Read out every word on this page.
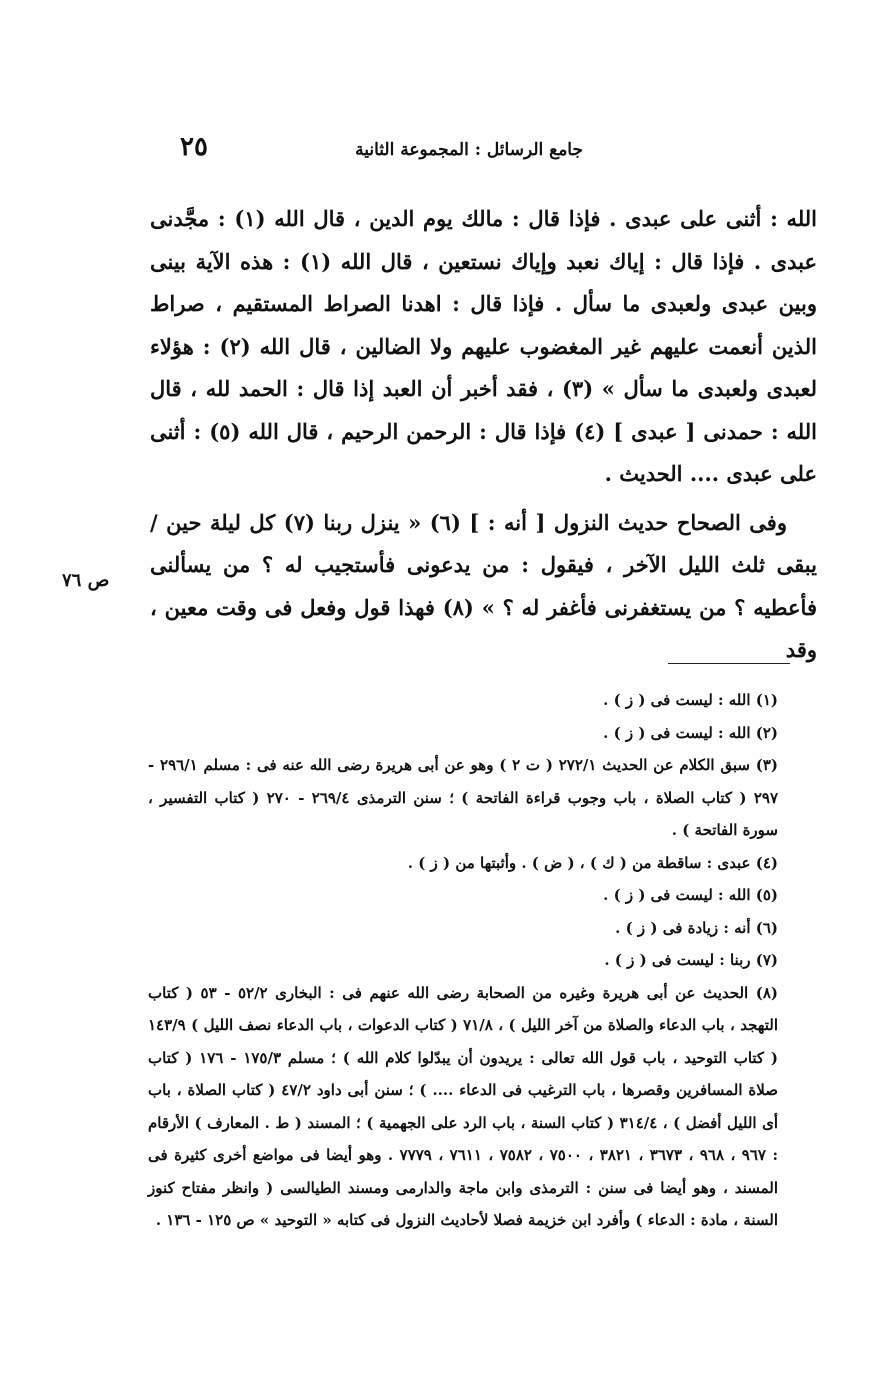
٢٥	جامع الرسائل : المجموعة الثانية

الله : أثنى على عبدى . فإذا قال : مالك يوم الدين ، قال الله (١) : مجَّدنى عبدى . فإذا قال : إياك نعبد وإياك نستعين ، قال الله (١) : هذه الآية بينى وبين عبدى ولعبدى ما سأل . فإذا قال : اهدنا الصراط المستقيم ، صراط الذين أنعمت عليهم غير المغضوب عليهم ولا الضالين ، قال الله (٢) : هؤلاء لعبدى ولعبدى ما سأل » (٣) ، فقد أخبر أن العبد إذا قال : الحمد لله ، قال الله : حمدنى [ عبدى ] (٤) فإذا قال : الرحمن الرحيم ، قال الله (٥) : أثنى على عبدى .... الحديث .

وفى الصحاح حديث النزول [ أنه : ] (٦) « ينزل ربنا (٧) كل ليلة حين / يبقى ثلث الليل الآخر ، فيقول : من يدعونى فأستجيب له ؟ من يسألنى فأعطيه ؟ من يستغفرنى فأغفر له ؟ » (٨) فهذا قول وفعل فى وقت معين ، وقد

ص ٧٦
(١) الله : ليست فى ( ز ) .
(٢) الله : ليست فى ( ز ) .
(٣) سبق الكلام عن الحديث ٢٧٢/١ ( ت ٢ ) وهو عن أبى هريرة رضى الله عنه فى : مسلم ٢٩٦/١ - ٢٩٧ ( كتاب الصلاة ، باب وجوب قراءة الفاتحة ) ؛ سنن الترمذى ٢٦٩/٤ - ٢٧٠ ( كتاب التفسير ، سورة الفاتحة ) .
(٤) عبدى : ساقطة من ( ك ) ، ( ض ) . وأثبتها من ( ز ) .
(٥) الله : ليست فى ( ز ) .
(٦) أنه : زيادة فى ( ز ) .
(٧) ربنا : ليست فى ( ز ) .
(٨) الحديث عن أبى هريرة وغيره من الصحابة رضى الله عنهم فى : البخارى ٥٢/٢ - ٥٣ ( كتاب التهجد ، باب الدعاء والصلاة من آخر الليل ) ، ٧١/٨ ( كتاب الدعوات ، باب الدعاء نصف الليل ) ١٤٣/٩ ( كتاب التوحيد ، باب قول الله تعالى : يريدون أن يبدّلوا كلام الله ) ؛ مسلم ١٧٥/٣ - ١٧٦ ( كتاب صلاة المسافرين وقصرها ، باب الترغيب فى الدعاء .... ) ؛ سنن أبى داود ٤٧/٢ ( كتاب الصلاة ، باب أى الليل أفضل ) ، ٣١٤/٤ ( كتاب السنة ، باب الرد على الجهمية ) ؛ المسند ( ط . المعارف ) الأرقام : ٩٦٧ ، ٩٦٨ ، ٣٦٧٣ ، ٣٨٢١ ، ٧٥٠٠ ، ٧٥٨٢ ، ٧٦١١ ، ٧٧٧٩ . وهو أيضا فى مواضع أخرى كثيرة فى المسند ، وهو أيضا فى سنن : الترمذى وابن ماجة والدارمى ومسند الطيالسى ( وانظر مفتاح كنوز السنة ، مادة : الدعاء ) وأفرد ابن خزيمة فصلا لأحاديث النزول فى كتابه « التوحيد » ص ١٢٥ - ١٣٦ .
